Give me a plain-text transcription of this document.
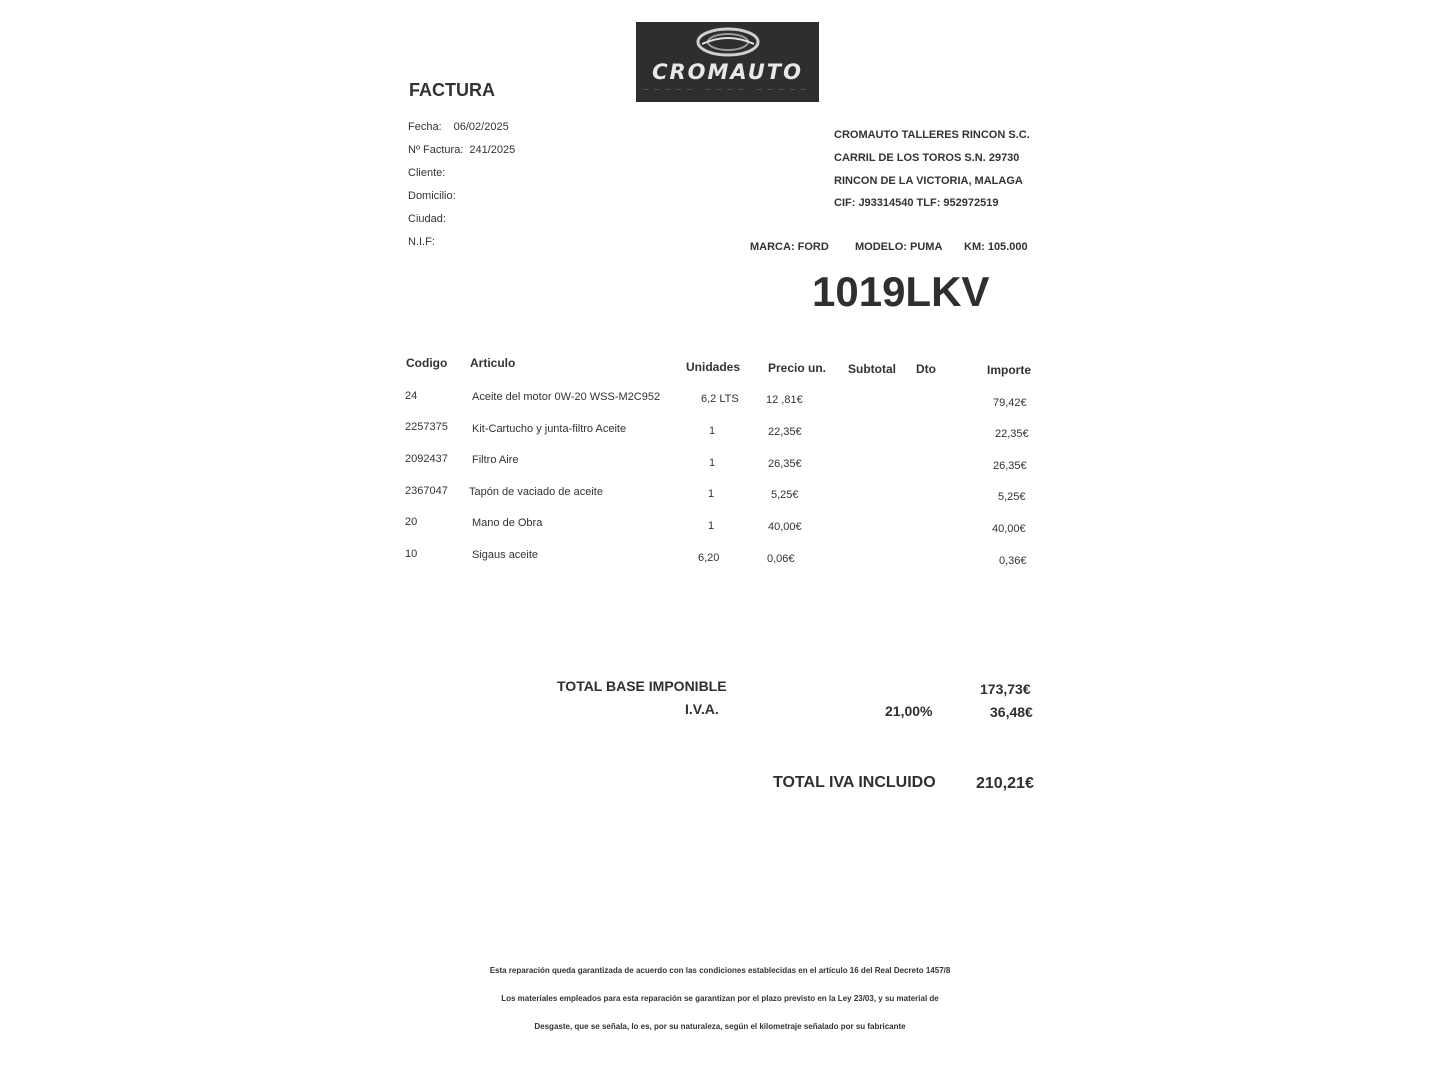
CROMAUTO
————— ———— —————
FACTURA
Fecha: 06/02/2025
Nº Factura: 241/2025
Cliente:
Domicilio:
Ciudad:
N.I.F:
CROMAUTO TALLERES RINCON S.C.
CARRIL DE LOS TOROS S.N. 29730
RINCON DE LA VICTORIA, MALAGA
CIF: J93314540 TLF: 952972519
MARCA: FORD MODELO: PUMA KM: 105.000
1019LKV
Codigo Articulo	Unidades Precio un. Subtotal Dto	Importe
24	Aceite del motor 0W-20 WSS-M2C952	6,2 LTS 12 ,81€	79,42€
2257375 Kit-Cartucho y junta-filtro Aceite	1	22,35€	22,35€
2092437 Filtro Aire	1	26,35€	26,35€
2367047 Tapón de vaciado de aceite	1	5,25€	5,25€
20	Mano de Obra	1	40,00€	40,00€
10	Sigaus aceite	6,20	0,06€	0,36€
TOTAL BASE IMPONIBLE	173,73€
I.V.A.	21,00%	36,48€
TOTAL IVA INCLUIDO	210,21€
Esta reparación queda garantizada de acuerdo con las condiciones establecidas en el artículo 16 del Real Decreto 1457/8
Los materiales empleados para esta reparación se garantizan por el plazo previsto en la Ley 23/03, y su material de
Desgaste, que se señala, lo es, por su naturaleza, según el kilometraje señalado por su fabricante
